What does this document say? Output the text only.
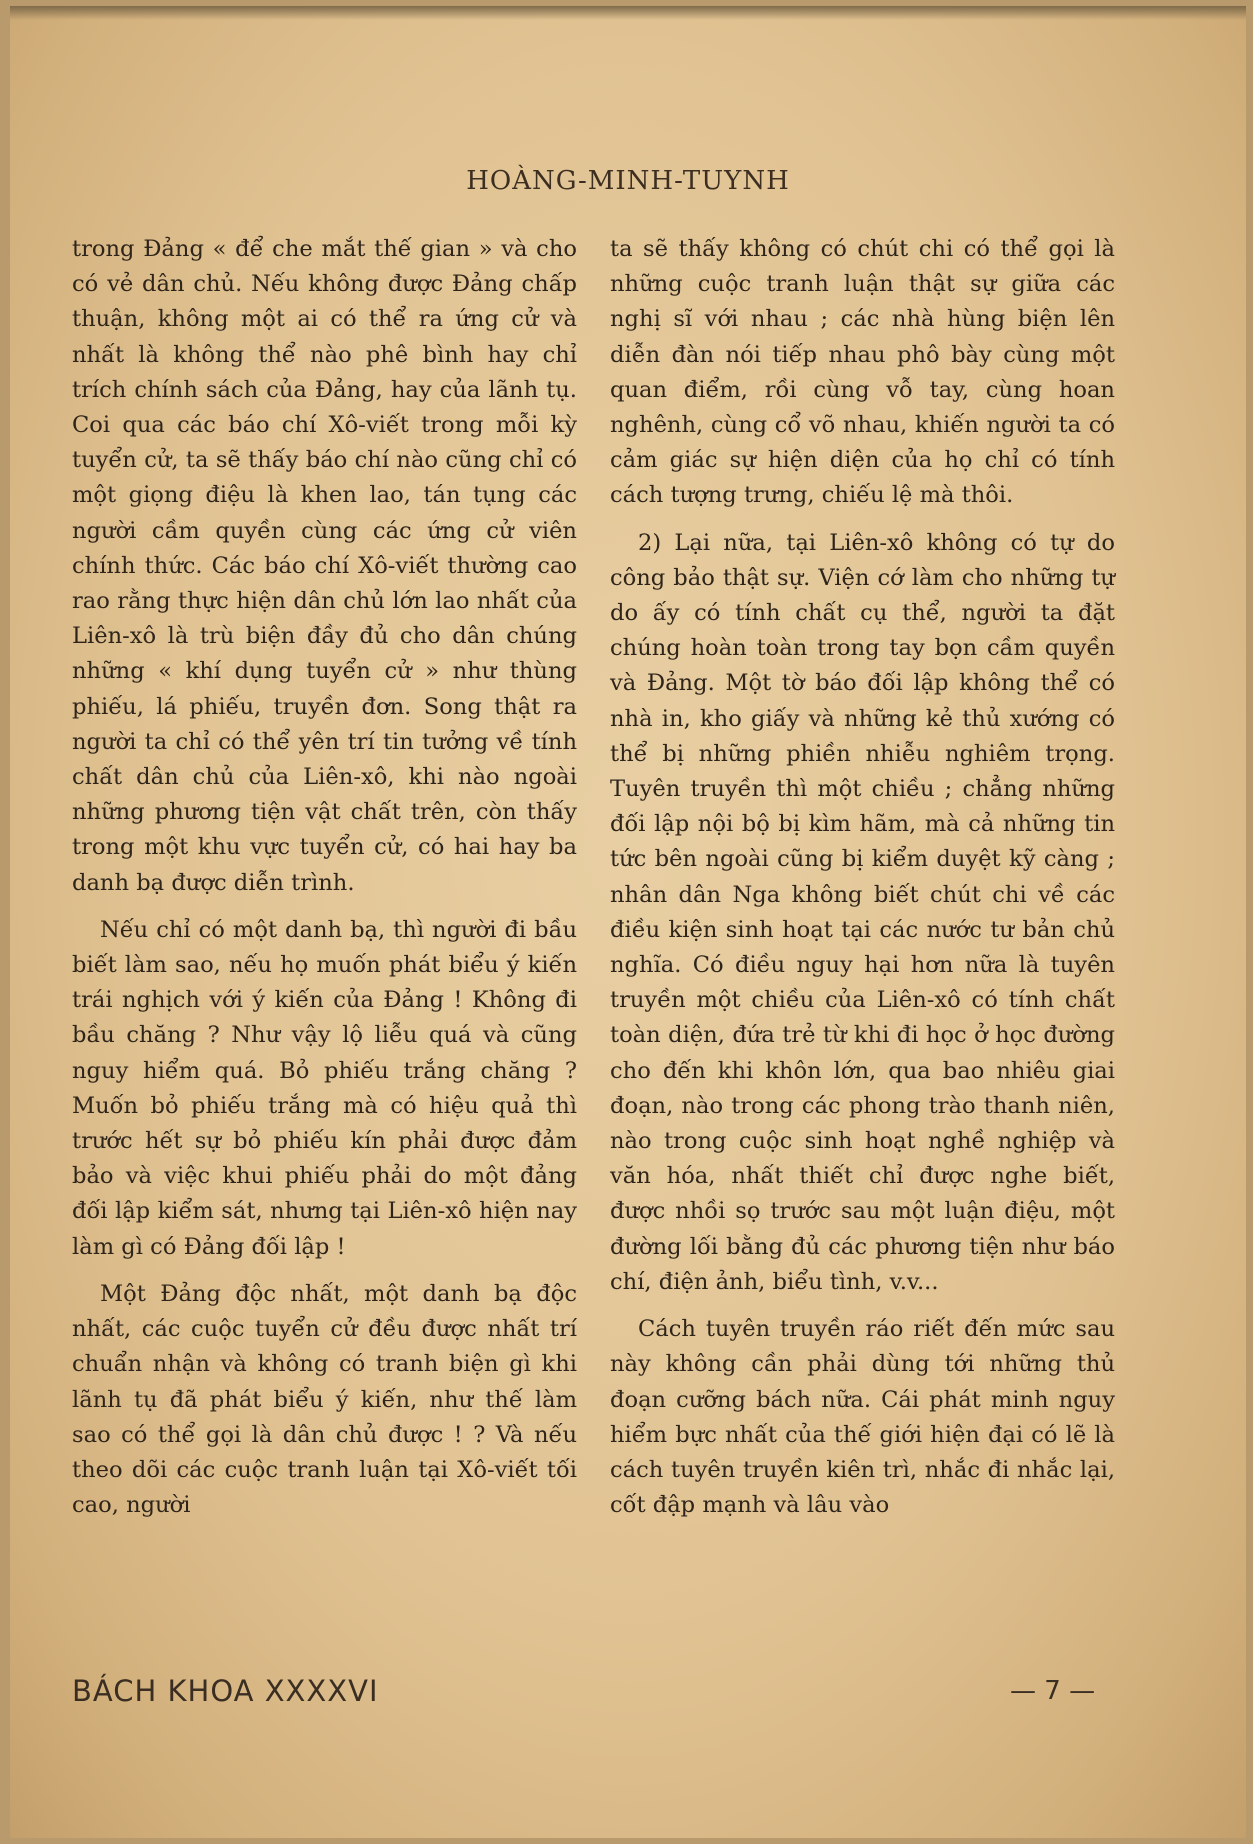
HOÀNG-MINH-TUYNH

trong Đảng « để che mắt thế gian » và cho có vẻ dân chủ. Nếu không được Đảng chấp thuận, không một ai có thể ra ứng cử và nhất là không thể nào phê bình hay chỉ trích chính sách của Đảng, hay của lãnh tụ. Coi qua các báo chí Xô-viết trong mỗi kỳ tuyển cử, ta sẽ thấy báo chí nào cũng chỉ có một giọng điệu là khen lao, tán tụng các người cầm quyền cùng các ứng cử viên chính thức. Các báo chí Xô-viết thường cao rao rằng thực hiện dân chủ lớn lao nhất của Liên-xô là trù biện đầy đủ cho dân chúng những « khí dụng tuyển cử » như thùng phiếu, lá phiếu, truyền đơn. Song thật ra người ta chỉ có thể yên trí tin tưởng về tính chất dân chủ của Liên-xô, khi nào ngoài những phương tiện vật chất trên, còn thấy trong một khu vực tuyển cử, có hai hay ba danh bạ được diễn trình.

Nếu chỉ có một danh bạ, thì người đi bầu biết làm sao, nếu họ muốn phát biểu ý kiến trái nghịch với ý kiến của Đảng ! Không đi bầu chăng ? Như vậy lộ liễu quá và cũng nguy hiểm quá. Bỏ phiếu trắng chăng ? Muốn bỏ phiếu trắng mà có hiệu quả thì trước hết sự bỏ phiếu kín phải được đảm bảo và việc khui phiếu phải do một đảng đối lập kiểm sát, nhưng tại Liên-xô hiện nay làm gì có Đảng đối lập !

Một Đảng độc nhất, một danh bạ độc nhất, các cuộc tuyển cử đều được nhất trí chuẩn nhận và không có tranh biện gì khi lãnh tụ đã phát biểu ý kiến, như thế làm sao có thể gọi là dân chủ được ! ? Và nếu theo dõi các cuộc tranh luận tại Xô-viết tối cao, người

ta sẽ thấy không có chút chi có thể gọi là những cuộc tranh luận thật sự giữa các nghị sĩ với nhau ; các nhà hùng biện lên diễn đàn nói tiếp nhau phô bày cùng một quan điểm, rồi cùng vỗ tay, cùng hoan nghênh, cùng cổ võ nhau, khiến người ta có cảm giác sự hiện diện của họ chỉ có tính cách tượng trưng, chiếu lệ mà thôi.

2) Lại nữa, tại Liên-xô không có tự do công bảo thật sự. Viện cớ làm cho những tự do ấy có tính chất cụ thể, người ta đặt chúng hoàn toàn trong tay bọn cầm quyền và Đảng. Một tờ báo đối lập không thể có nhà in, kho giấy và những kẻ thủ xướng có thể bị những phiền nhiễu nghiêm trọng. Tuyên truyền thì một chiều ; chẳng những đối lập nội bộ bị kìm hãm, mà cả những tin tức bên ngoài cũng bị kiểm duyệt kỹ càng ; nhân dân Nga không biết chút chi về các điều kiện sinh hoạt tại các nước tư bản chủ nghĩa. Có điều nguy hại hơn nữa là tuyên truyền một chiều của Liên-xô có tính chất toàn diện, đứa trẻ từ khi đi học ở học đường cho đến khi khôn lớn, qua bao nhiêu giai đoạn, nào trong các phong trào thanh niên, nào trong cuộc sinh hoạt nghề nghiệp và văn hóa, nhất thiết chỉ được nghe biết, được nhồi sọ trước sau một luận điệu, một đường lối bằng đủ các phương tiện như báo chí, điện ảnh, biểu tình, v.v...

Cách tuyên truyền ráo riết đến mức sau này không cần phải dùng tới những thủ đoạn cưỡng bách nữa. Cái phát minh nguy hiểm bực nhất của thế giới hiện đại có lẽ là cách tuyên truyền kiên trì, nhắc đi nhắc lại, cốt đập mạnh và lâu vào

BÁCH KHOA XXXXVI	— 7 —
